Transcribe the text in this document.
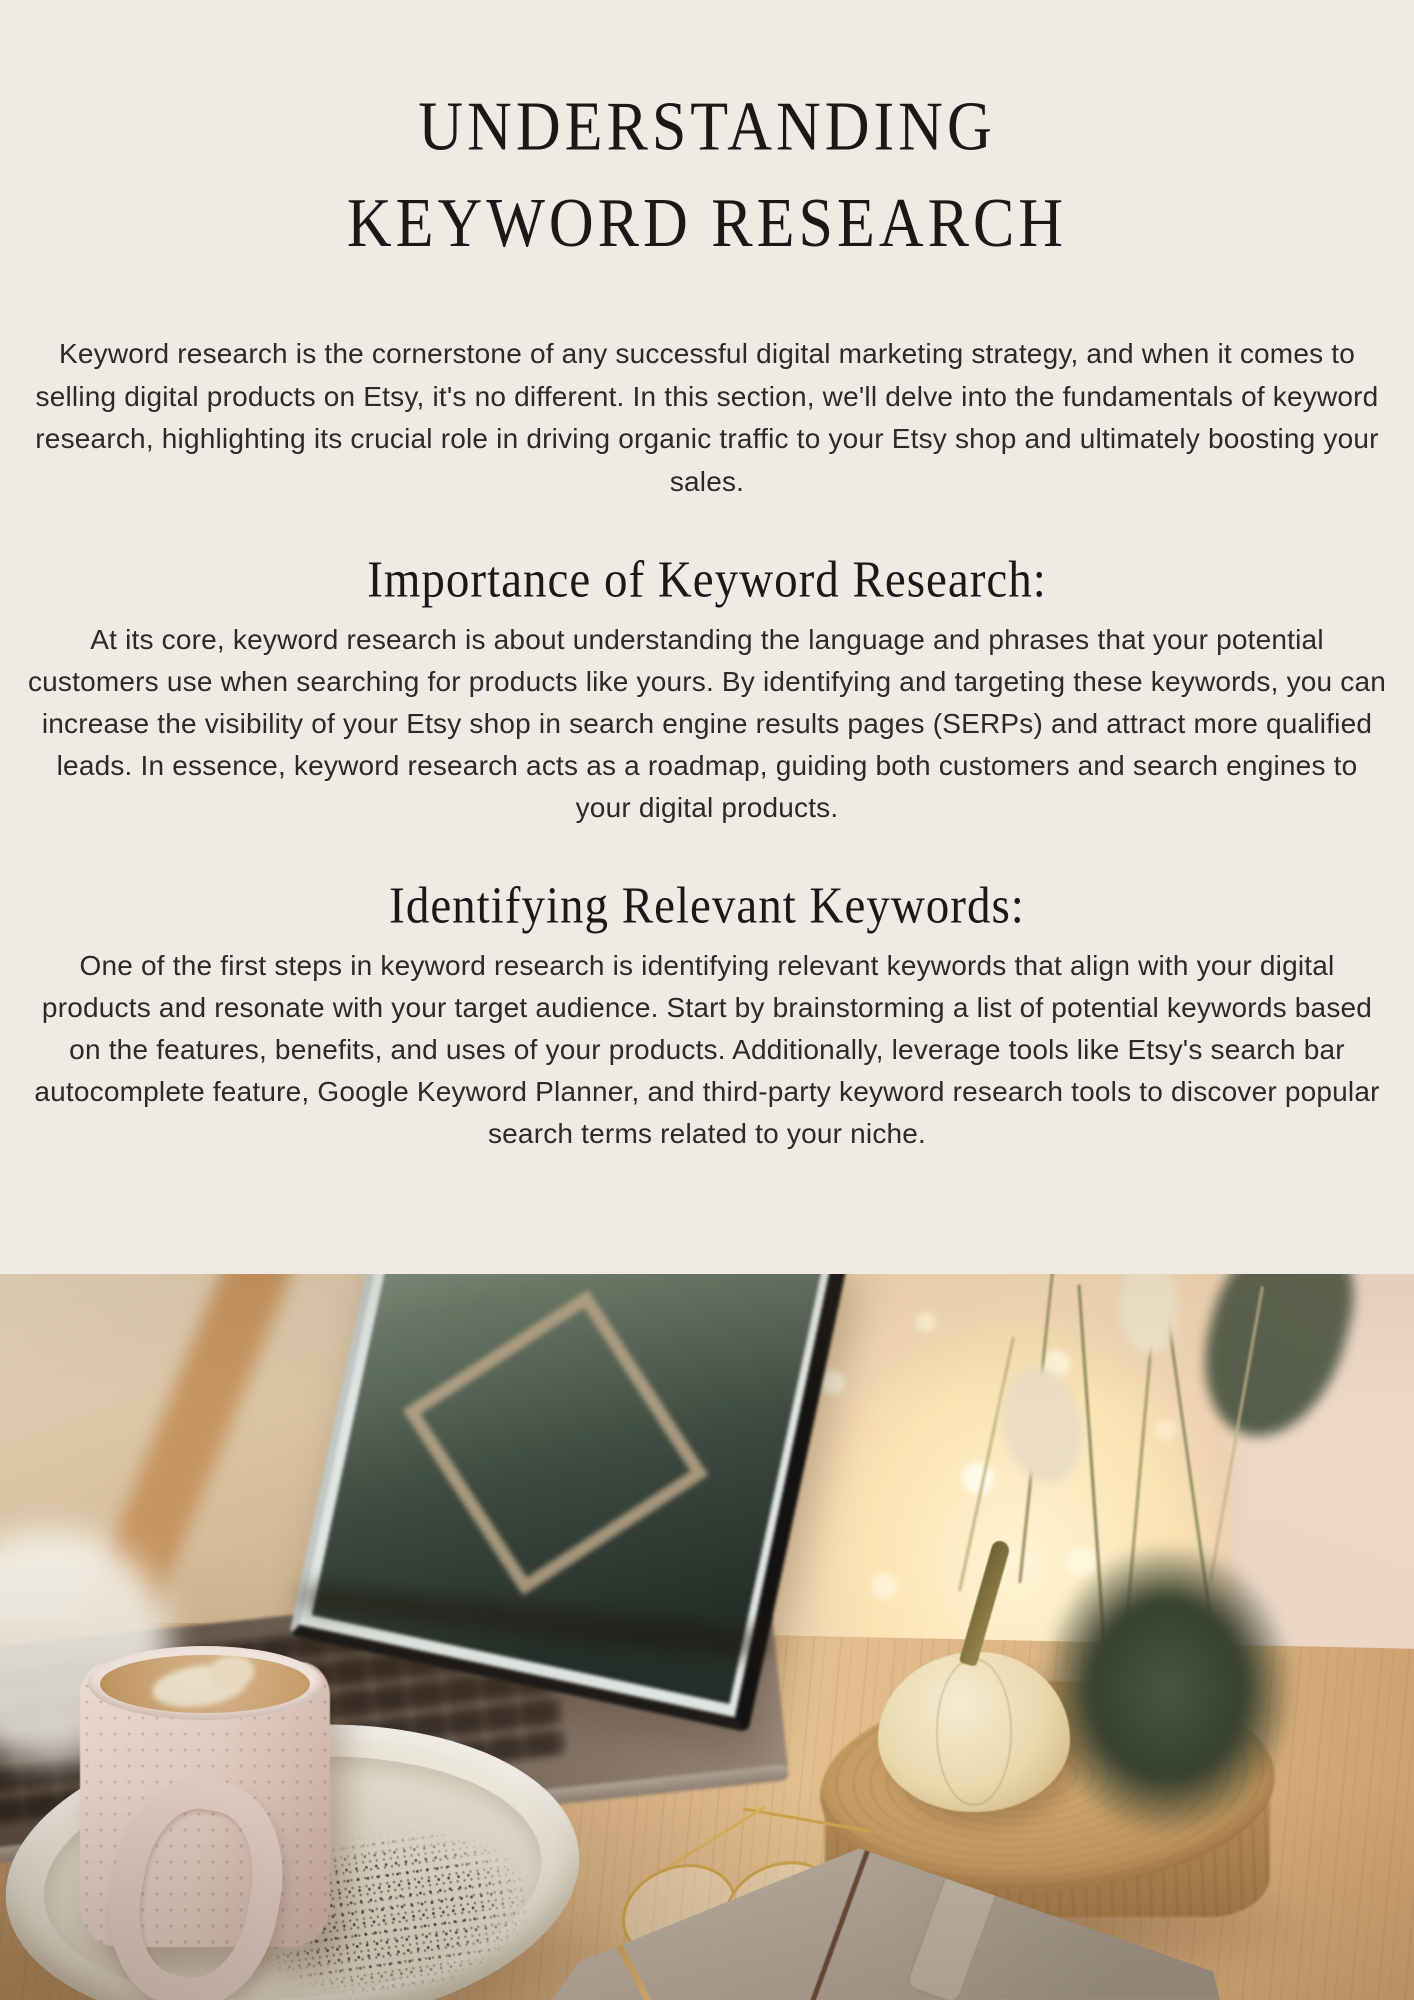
UNDERSTANDING
KEYWORD RESEARCH

Keyword research is the cornerstone of any successful digital marketing strategy, and when it comes to selling digital products on Etsy, it's no different. In this section, we'll delve into the fundamentals of keyword research, highlighting its crucial role in driving organic traffic to your Etsy shop and ultimately boosting your sales.

Importance of Keyword Research:

At its core, keyword research is about understanding the language and phrases that your potential customers use when searching for products like yours. By identifying and targeting these keywords, you can increase the visibility of your Etsy shop in search engine results pages (SERPs) and attract more qualified leads. In essence, keyword research acts as a roadmap, guiding both customers and search engines to your digital products.

Identifying Relevant Keywords:

One of the first steps in keyword research is identifying relevant keywords that align with your digital products and resonate with your target audience. Start by brainstorming a list of potential keywords based on the features, benefits, and uses of your products. Additionally, leverage tools like Etsy's search bar autocomplete feature, Google Keyword Planner, and third-party keyword research tools to discover popular search terms related to your niche.
